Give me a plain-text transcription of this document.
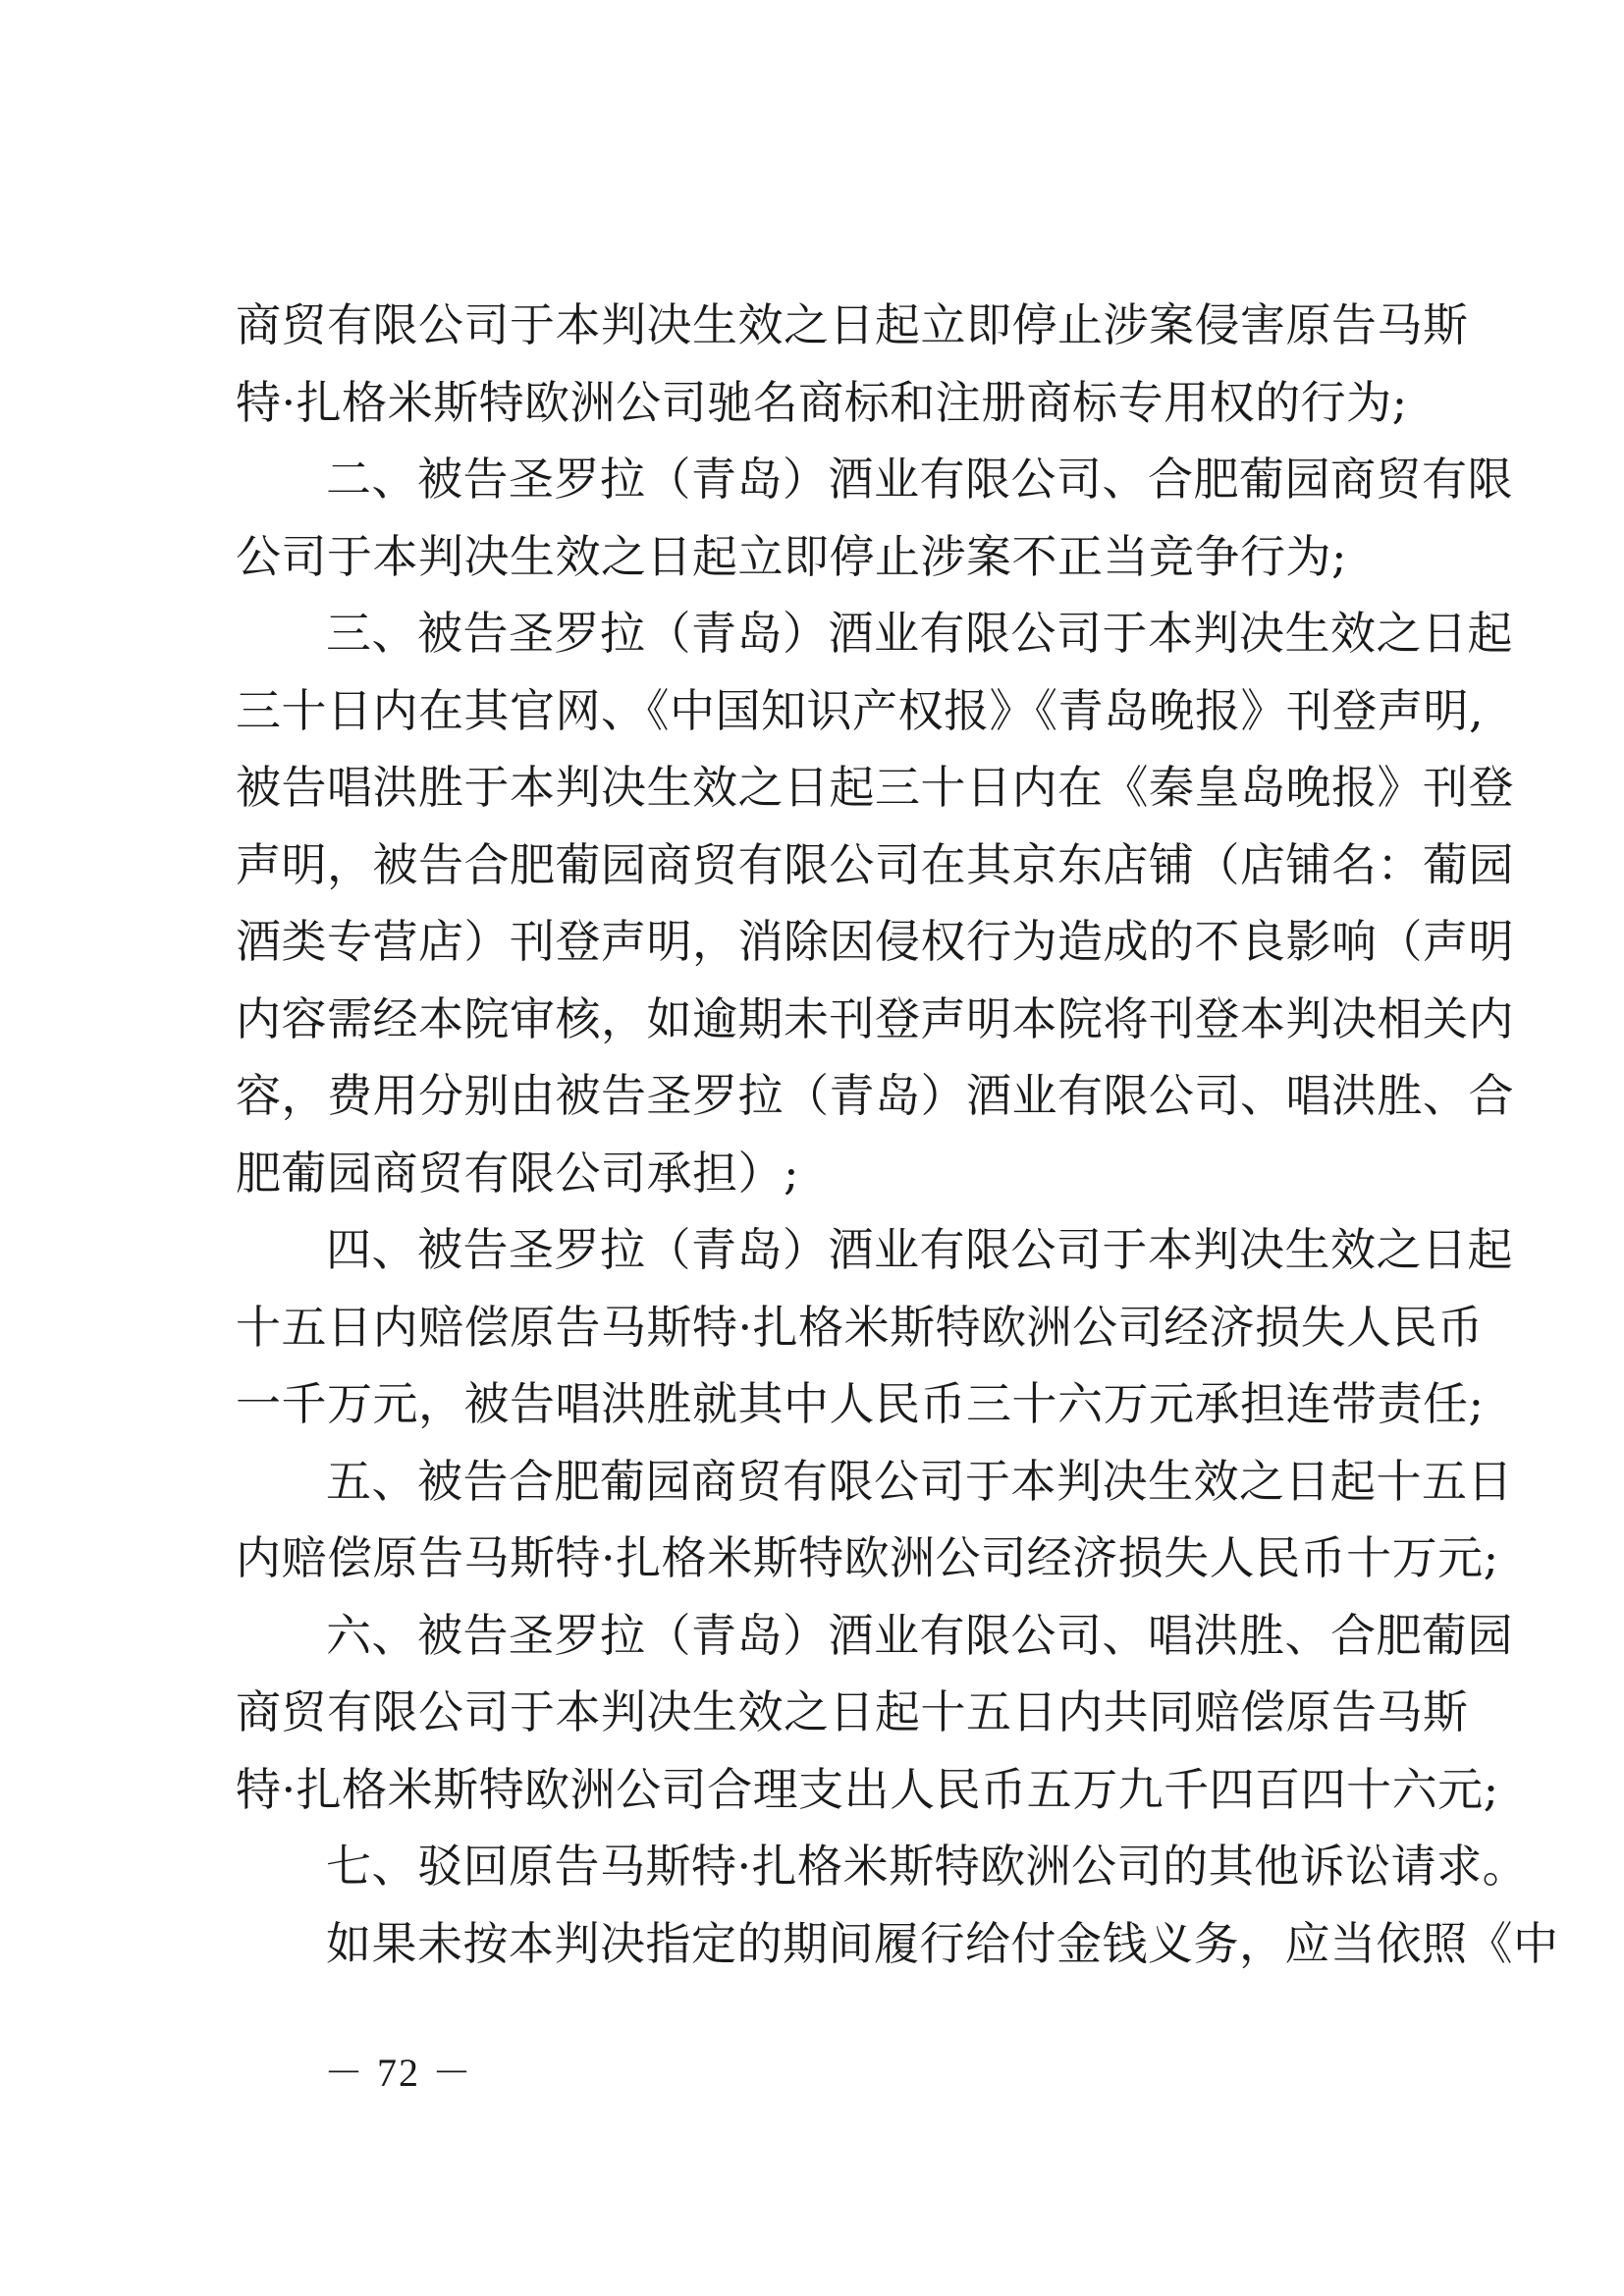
商贸有限公司于本判决生效之日起立即停止涉案侵害原告马斯
特·扎格米斯特欧洲公司驰名商标和注册商标专用权的行为;
二、被告圣罗拉（青岛）酒业有限公司、合肥葡园商贸有限
公司于本判决生效之日起立即停止涉案不正当竞争行为;
三、被告圣罗拉（青岛）酒业有限公司于本判决生效之日起
三十日内在其官网、《中国知识产权报》《青岛晚报》刊登声明,
被告唱洪胜于本判决生效之日起三十日内在《秦皇岛晚报》刊登
声明，被告合肥葡园商贸有限公司在其京东店铺（店铺名：葡园
酒类专营店）刊登声明，消除因侵权行为造成的不良影响（声明
内容需经本院审核，如逾期未刊登声明本院将刊登本判决相关内
容，费用分别由被告圣罗拉（青岛）酒业有限公司、唱洪胜、合
肥葡园商贸有限公司承担）;
四、被告圣罗拉（青岛）酒业有限公司于本判决生效之日起
十五日内赔偿原告马斯特·扎格米斯特欧洲公司经济损失人民币
一千万元，被告唱洪胜就其中人民币三十六万元承担连带责任;
五、被告合肥葡园商贸有限公司于本判决生效之日起十五日
内赔偿原告马斯特·扎格米斯特欧洲公司经济损失人民币十万元;
六、被告圣罗拉（青岛）酒业有限公司、唱洪胜、合肥葡园
商贸有限公司于本判决生效之日起十五日内共同赔偿原告马斯
特·扎格米斯特欧洲公司合理支出人民币五万九千四百四十六元;
七、驳回原告马斯特·扎格米斯特欧洲公司的其他诉讼请求。
如果未按本判决指定的期间履行给付金钱义务，应当依照《中
－ 72 －
